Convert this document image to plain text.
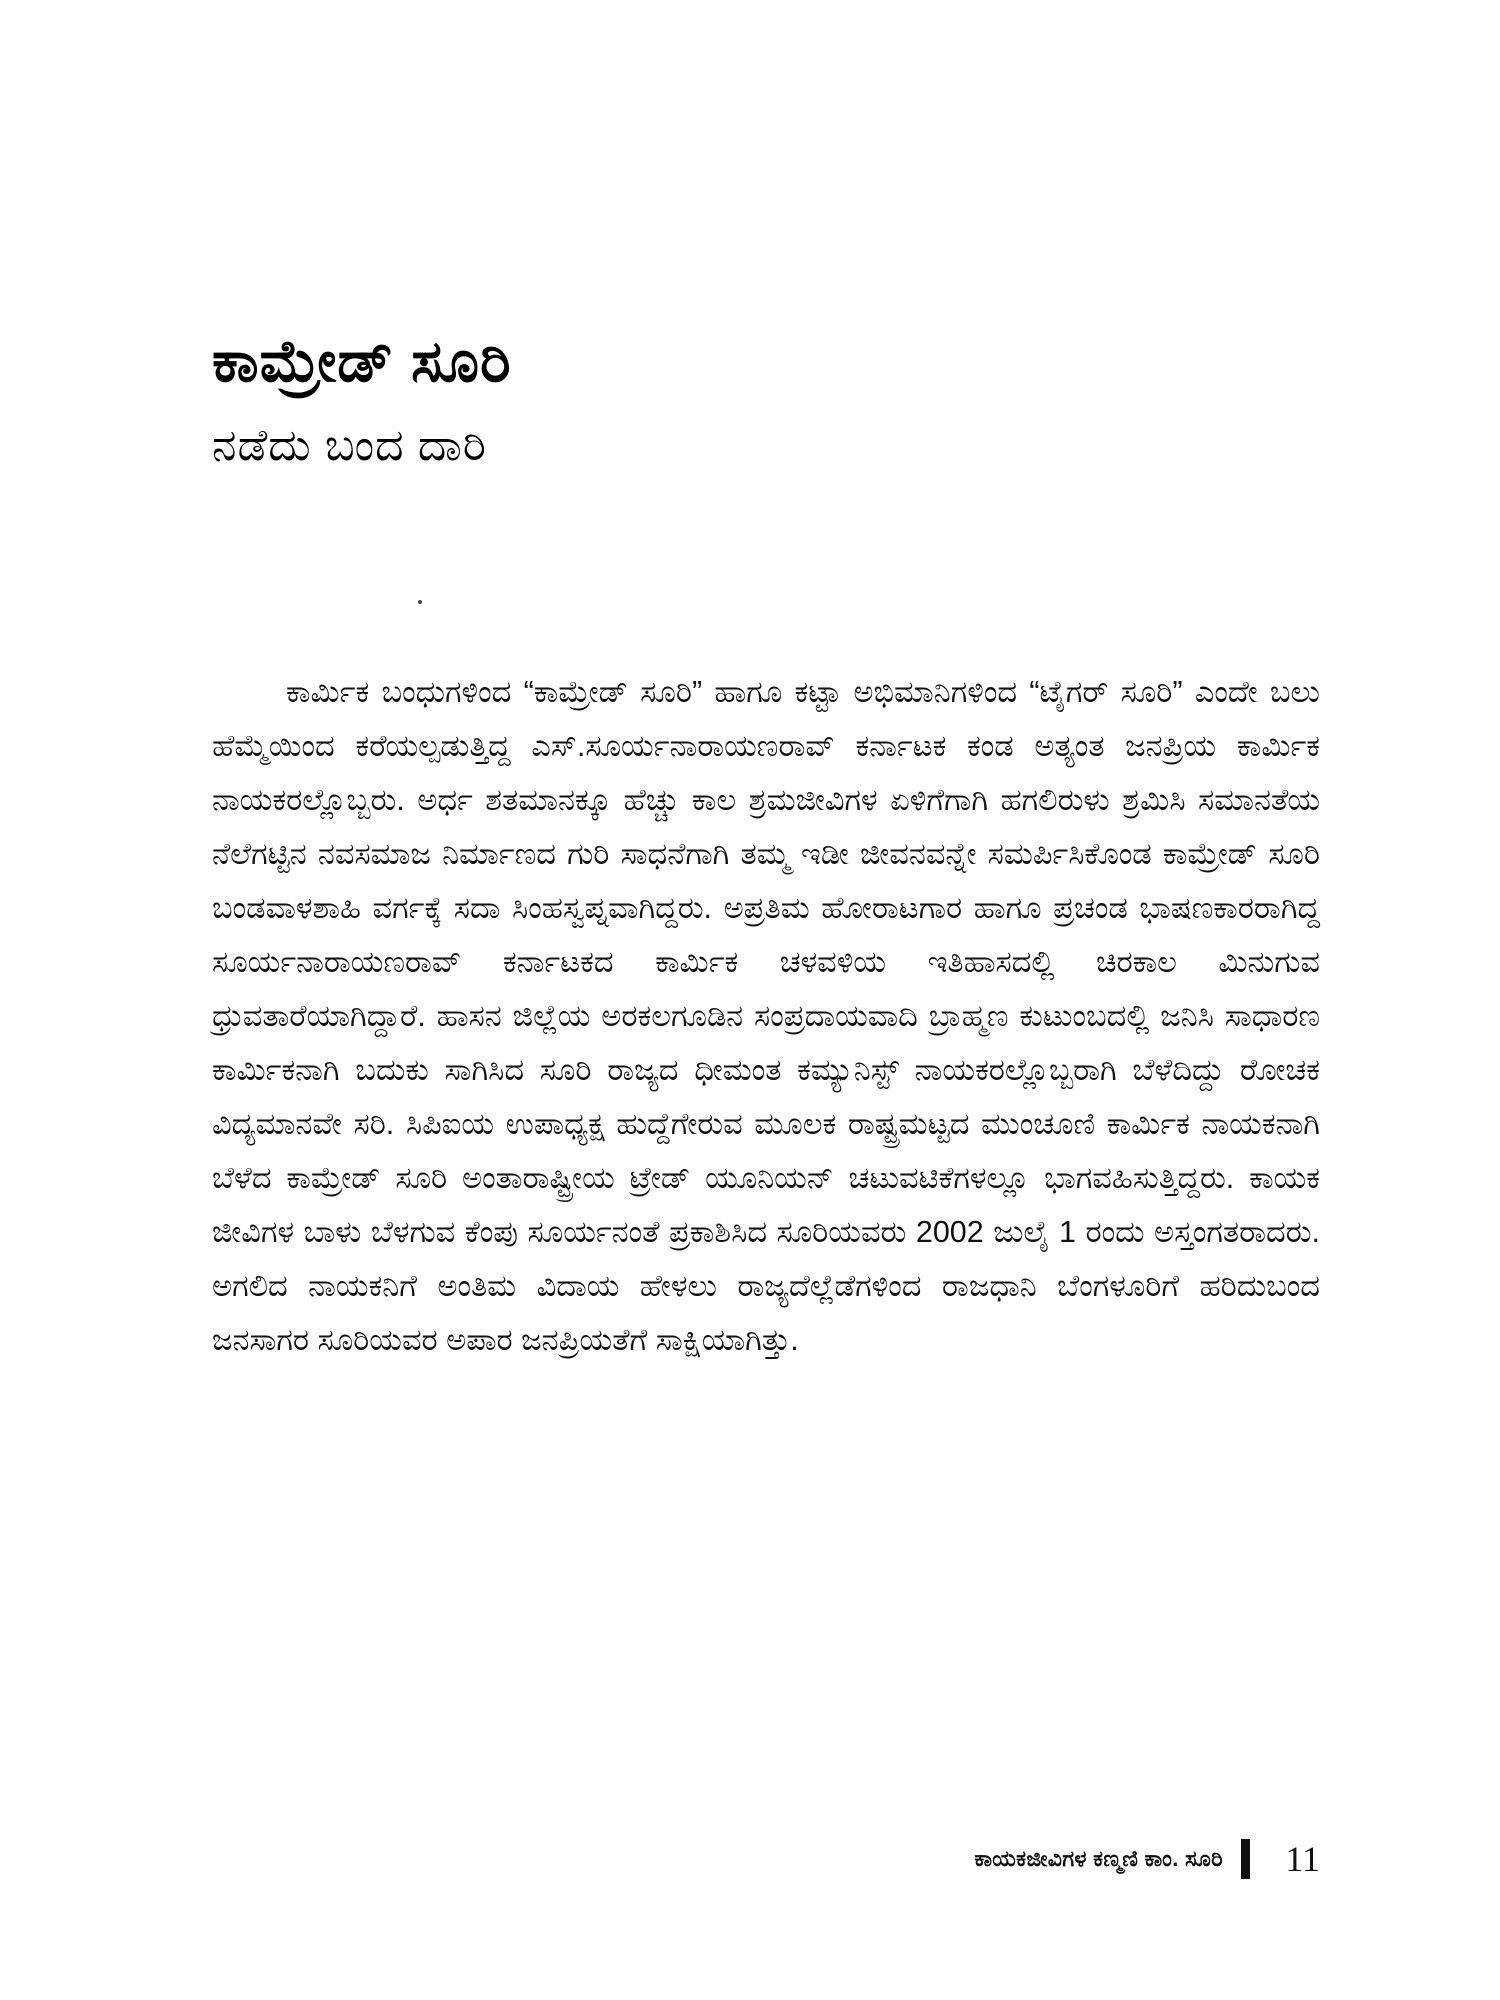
ಕಾಮ್ರೇಡ್ ಸೂರಿ
ನಡೆದು ಬಂದ ದಾರಿ

ಕಾರ್ಮಿಕ ಬಂಧುಗಳಿಂದ “ಕಾಮ್ರೇಡ್ ಸೂರಿ” ಹಾಗೂ ಕಟ್ಟಾ ಅಭಿಮಾನಿಗಳಿಂದ “ಟೈಗರ್ ಸೂರಿ” ಎಂದೇ ಬಲು ಹೆಮ್ಮೆಯಿಂದ ಕರೆಯಲ್ಪಡುತ್ತಿದ್ದ ಎಸ್.ಸೂರ್ಯನಾರಾಯಣರಾವ್ ಕರ್ನಾಟಕ ಕಂಡ ಅತ್ಯಂತ ಜನಪ್ರಿಯ ಕಾರ್ಮಿಕ ನಾಯಕರಲ್ಲೊಬ್ಬರು. ಅರ್ಧ ಶತಮಾನಕ್ಕೂ ಹೆಚ್ಚು ಕಾಲ ಶ್ರಮಜೀವಿಗಳ ಏಳಿಗೆಗಾಗಿ ಹಗಲಿರುಳು ಶ್ರಮಿಸಿ ಸಮಾನತೆಯ ನೆಲೆಗಟ್ಟಿನ ನವಸಮಾಜ ನಿರ್ಮಾಣದ ಗುರಿ ಸಾಧನೆಗಾಗಿ ತಮ್ಮ ಇಡೀ ಜೀವನವನ್ನೇ ಸಮರ್ಪಿಸಿಕೊಂಡ ಕಾಮ್ರೇಡ್ ಸೂರಿ ಬಂಡವಾಳಶಾಹಿ ವರ್ಗಕ್ಕೆ ಸದಾ ಸಿಂಹಸ್ವಪ್ನವಾಗಿದ್ದರು. ಅಪ್ರತಿಮ ಹೋರಾಟಗಾರ ಹಾಗೂ ಪ್ರಚಂಡ ಭಾಷಣಕಾರರಾಗಿದ್ದ ಸೂರ್ಯನಾರಾಯಣರಾವ್ ಕರ್ನಾಟಕದ ಕಾರ್ಮಿಕ ಚಳವಳಿಯ ಇತಿಹಾಸದಲ್ಲಿ ಚಿರಕಾಲ ಮಿನುಗುವ ಧ್ರುವತಾರೆಯಾಗಿದ್ದಾರೆ. ಹಾಸನ ಜಿಲ್ಲೆಯ ಅರಕಲಗೂಡಿನ ಸಂಪ್ರದಾಯವಾದಿ ಬ್ರಾಹ್ಮಣ ಕುಟುಂಬದಲ್ಲಿ ಜನಿಸಿ ಸಾಧಾರಣ ಕಾರ್ಮಿಕನಾಗಿ ಬದುಕು ಸಾಗಿಸಿದ ಸೂರಿ ರಾಜ್ಯದ ಧೀಮಂತ ಕಮ್ಯುನಿಸ್ಟ್ ನಾಯಕರಲ್ಲೊಬ್ಬರಾಗಿ ಬೆಳೆದಿದ್ದು ರೋಚಕ ವಿದ್ಯಮಾನವೇ ಸರಿ. ಸಿಪಿಐಯ ಉಪಾಧ್ಯಕ್ಷ ಹುದ್ದೆಗೇರುವ ಮೂಲಕ ರಾಷ್ಟ್ರಮಟ್ಟದ ಮುಂಚೂಣಿ ಕಾರ್ಮಿಕ ನಾಯಕನಾಗಿ ಬೆಳೆದ ಕಾಮ್ರೇಡ್ ಸೂರಿ ಅಂತಾರಾಷ್ಟ್ರೀಯ ಟ್ರೇಡ್ ಯೂನಿಯನ್ ಚಟುವಟಿಕೆಗಳಲ್ಲೂ ಭಾಗವಹಿಸುತ್ತಿದ್ದರು. ಕಾಯಕ ಜೀವಿಗಳ ಬಾಳು ಬೆಳಗುವ ಕೆಂಪು ಸೂರ್ಯನಂತೆ ಪ್ರಕಾಶಿಸಿದ ಸೂರಿಯವರು 2002 ಜುಲೈ 1 ರಂದು ಅಸ್ತಂಗತರಾದರು. ಅಗಲಿದ ನಾಯಕನಿಗೆ ಅಂತಿಮ ವಿದಾಯ ಹೇಳಲು ರಾಜ್ಯದೆಲ್ಲೆಡೆಗಳಿಂದ ರಾಜಧಾನಿ ಬೆಂಗಳೂರಿಗೆ ಹರಿದುಬಂದ ಜನಸಾಗರ ಸೂರಿಯವರ ಅಪಾರ ಜನಪ್ರಿಯತೆಗೆ ಸಾಕ್ಷಿಯಾಗಿತ್ತು.

ಕಾಯಕಜೀವಿಗಳ ಕಣ್ಮಣಿ ಕಾಂ. ಸೂರಿ	11
